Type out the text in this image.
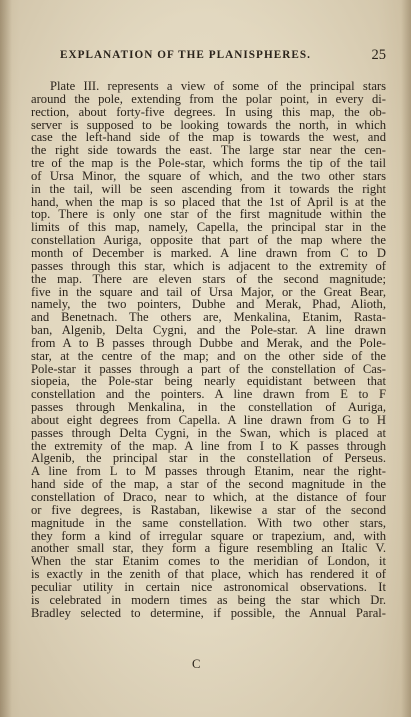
EXPLANATION OF THE PLANISPHERES.	25
Plate III. represents a view of some of the principal stars
around the pole, extending from the polar point, in every di-
rection, about forty-five degrees. In using this map, the ob-
server is supposed to be looking towards the north, in which
case the left-hand side of the map is towards the west, and
the right side towards the east. The large star near the cen-
tre of the map is the Pole-star, which forms the tip of the tail
of Ursa Minor, the square of which, and the two other stars
in the tail, will be seen ascending from it towards the right
hand, when the map is so placed that the 1st of April is at the
top. There is only one star of the first magnitude within the
limits of this map, namely, Capella, the principal star in the
constellation Auriga, opposite that part of the map where the
month of December is marked. A line drawn from C to D
passes through this star, which is adjacent to the extremity of
the map. There are eleven stars of the second magnitude;
five in the square and tail of Ursa Major, or the Great Bear,
namely, the two pointers, Dubhe and Merak, Phad, Alioth,
and Benetnach. The others are, Menkalina, Etanim, Rasta-
ban, Algenib, Delta Cygni, and the Pole-star. A line drawn
from A to B passes through Dubbe and Merak, and the Pole-
star, at the centre of the map; and on the other side of the
Pole-star it passes through a part of the constellation of Cas-
siopeia, the Pole-star being nearly equidistant between that
constellation and the pointers. A line drawn from E to F
passes through Menkalina, in the constellation of Auriga,
about eight degrees from Capella. A line drawn from G to H
passes through Delta Cygni, in the Swan, which is placed at
the extremity of the map. A line from I to K passes through
Algenib, the principal star in the constellation of Perseus.
A line from L to M passes through Etanim, near the right-
hand side of the map, a star of the second magnitude in the
constellation of Draco, near to which, at the distance of four
or five degrees, is Rastaban, likewise a star of the second
magnitude in the same constellation. With two other stars,
they form a kind of irregular square or trapezium, and, with
another small star, they form a figure resembling an Italic V.
When the star Etanim comes to the meridian of London, it
is exactly in the zenith of that place, which has rendered it of
peculiar utility in certain nice astronomical observations. It
is celebrated in modern times as being the star which Dr.
Bradley selected to determine, if possible, the Annual Paral-
C
